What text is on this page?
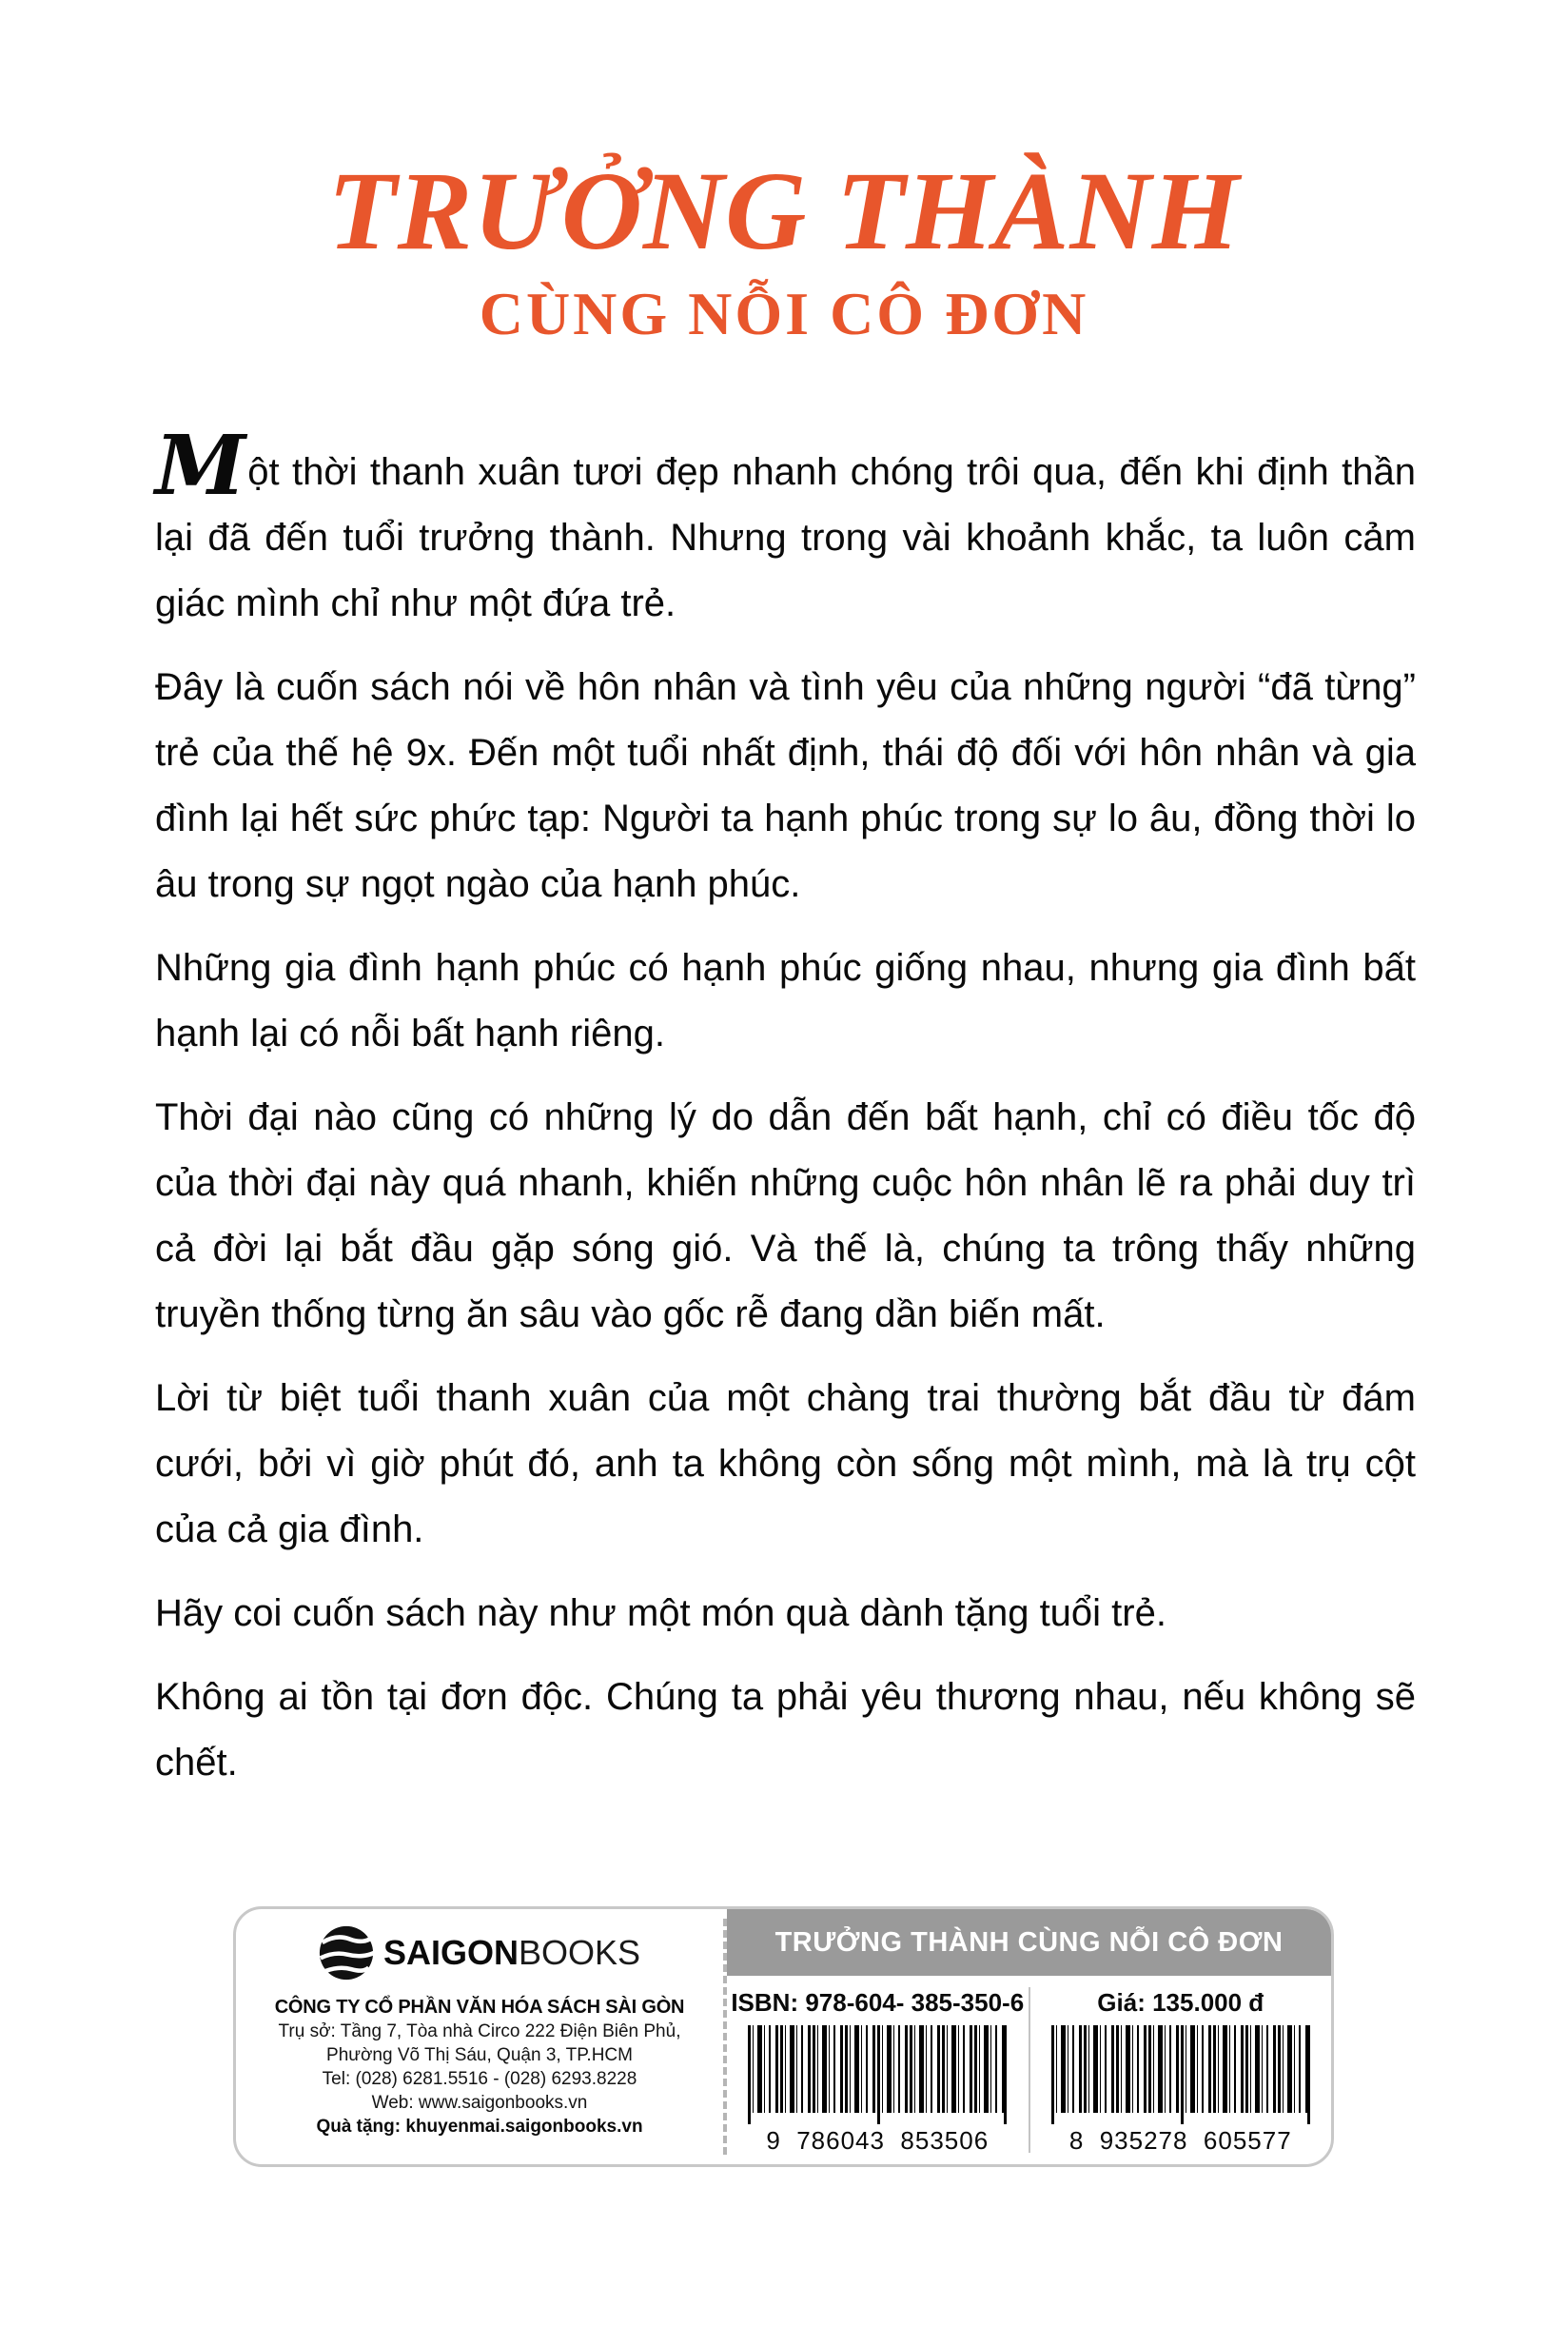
TRƯỞNG THÀNH
CÙNG NỖI CÔ ĐƠN

Một thời thanh xuân tươi đẹp nhanh chóng trôi qua, đến khi định thần lại đã đến tuổi trưởng thành. Nhưng trong vài khoảnh khắc, ta luôn cảm giác mình chỉ như một đứa trẻ.

Đây là cuốn sách nói về hôn nhân và tình yêu của những người “đã từng” trẻ của thế hệ 9x. Đến một tuổi nhất định, thái độ đối với hôn nhân và gia đình lại hết sức phức tạp: Người ta hạnh phúc trong sự lo âu, đồng thời lo âu trong sự ngọt ngào của hạnh phúc.

Những gia đình hạnh phúc có hạnh phúc giống nhau, nhưng gia đình bất hạnh lại có nỗi bất hạnh riêng.

Thời đại nào cũng có những lý do dẫn đến bất hạnh, chỉ có điều tốc độ của thời đại này quá nhanh, khiến những cuộc hôn nhân lẽ ra phải duy trì cả đời lại bắt đầu gặp sóng gió. Và thế là, chúng ta trông thấy những truyền thống từng ăn sâu vào gốc rễ đang dần biến mất.

Lời từ biệt tuổi thanh xuân của một chàng trai thường bắt đầu từ đám cưới, bởi vì giờ phút đó, anh ta không còn sống một mình, mà là trụ cột của cả gia đình.

Hãy coi cuốn sách này như một món quà dành tặng tuổi trẻ.

Không ai tồn tại đơn độc. Chúng ta phải yêu thương nhau, nếu không sẽ chết.

SAIGONBOOKS
CÔNG TY CỔ PHẦN VĂN HÓA SÁCH SÀI GÒN
Trụ sở: Tầng 7, Tòa nhà Circo 222 Điện Biên Phủ,
Phường Võ Thị Sáu, Quận 3, TP.HCM
Tel: (028) 6281.5516 - (028) 6293.8228
Web: www.saigonbooks.vn
Quà tặng: khuyenmai.saigonbooks.vn
TRƯỞNG THÀNH CÙNG NỖI CÔ ĐƠN
ISBN: 978-604- 385-350-6
9  786043  853506
Giá: 135.000 đ
8  935278  605577
